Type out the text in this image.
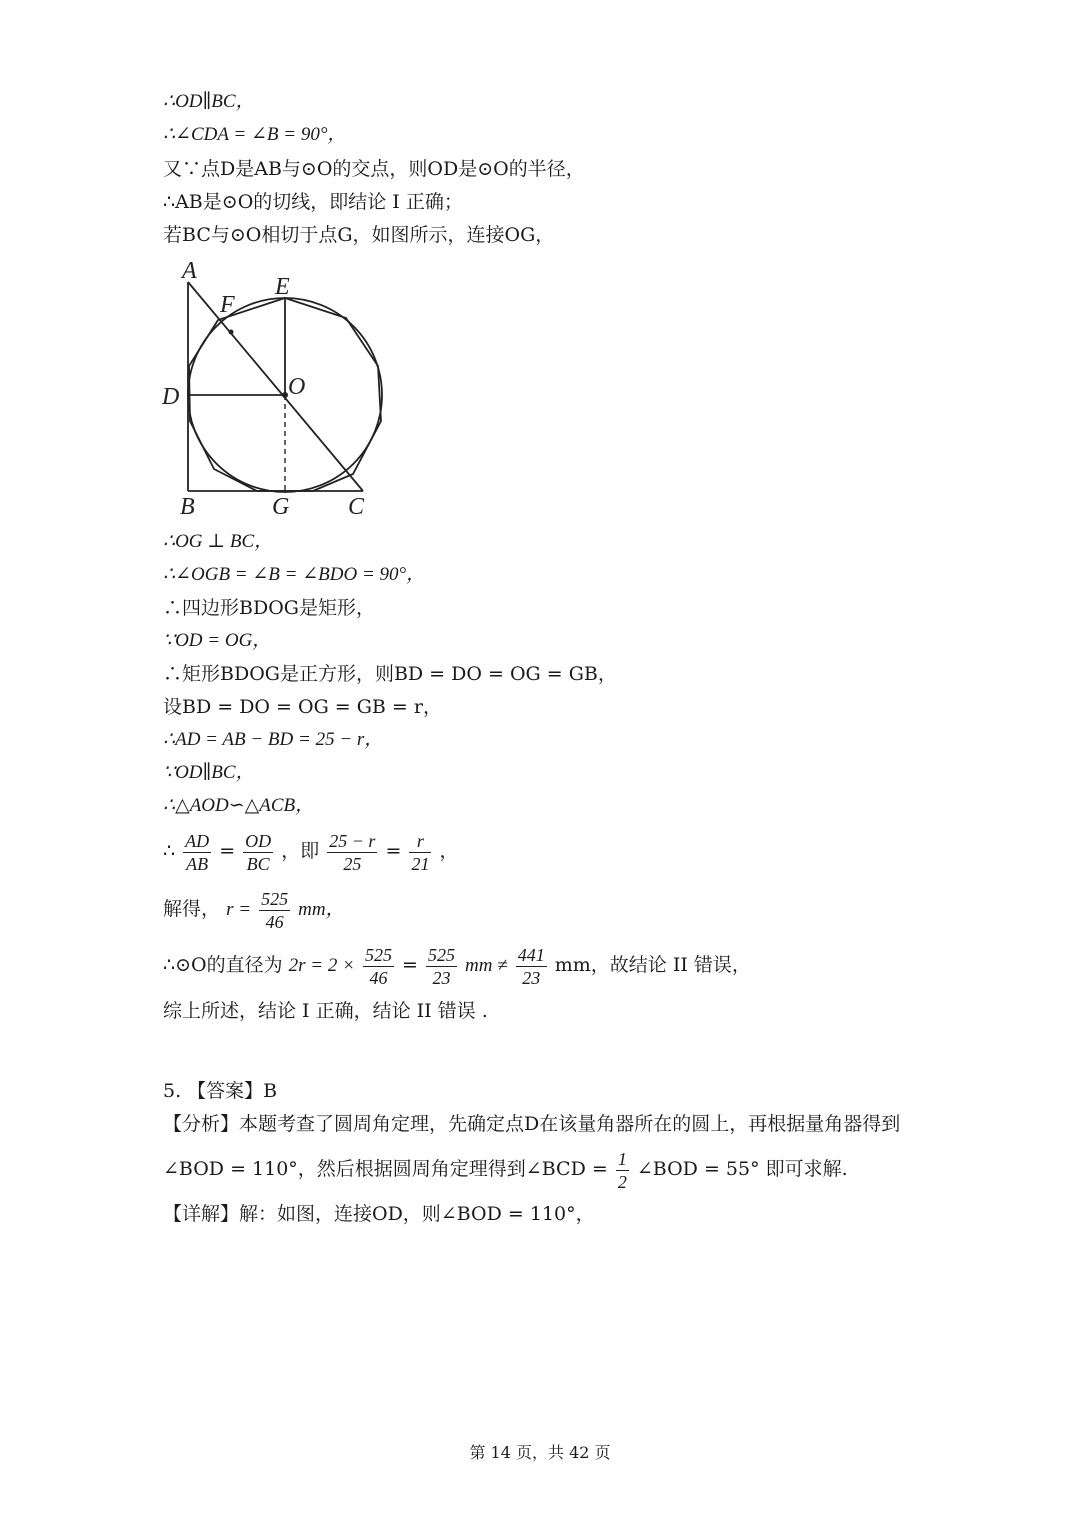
∴OD∥BC，
∴∠CDA = ∠B = 90°，
又∵点D是AB与⊙O的交点，则OD是⊙O的半径，
∴AB是⊙O的切线，即结论 I 正确；
若BC与⊙O相切于点G，如图所示，连接OG，
A
F
E
O
D
B	G C
∴OG ⊥ BC，
∴∠OGB = ∠B = ∠BDO = 90°，
∴四边形BDOG是矩形，
∵OD = OG，
∴矩形BDOG是正方形，则BD = DO = OG = GB，
设BD = DO = OG = GB = r，
∴AD = AB − BD = 25 − r，
∵OD∥BC，
∴△AOD∽△ACB，
∴ $\frac{AD}{AB} = \frac{OD}{BC}$ ，即 $\frac{25 - r}{25} = \frac{r}{21}$ ，
解得， $r = \frac{525}{46}$ mm，
∴⊙O的直径为 $2r = 2 \times \frac{525}{46} = \frac{525}{23}$ mm ≠ $\frac{441}{23}$ mm，故结论 II 错误，
综上所述，结论 I 正确，结论 II 错误 .
5. 【答案】B
【分析】本题考查了圆周角定理，先确定点D在该量角器所在的圆上，再根据量角器得到
∠BOD = 110°，然后根据圆周角定理得到∠BCD = $\frac{1}{2}$ ∠BOD = 55° 即可求解.
【详解】解：如图，连接OD，则∠BOD = 110°，
第 14 页，共 42 页
